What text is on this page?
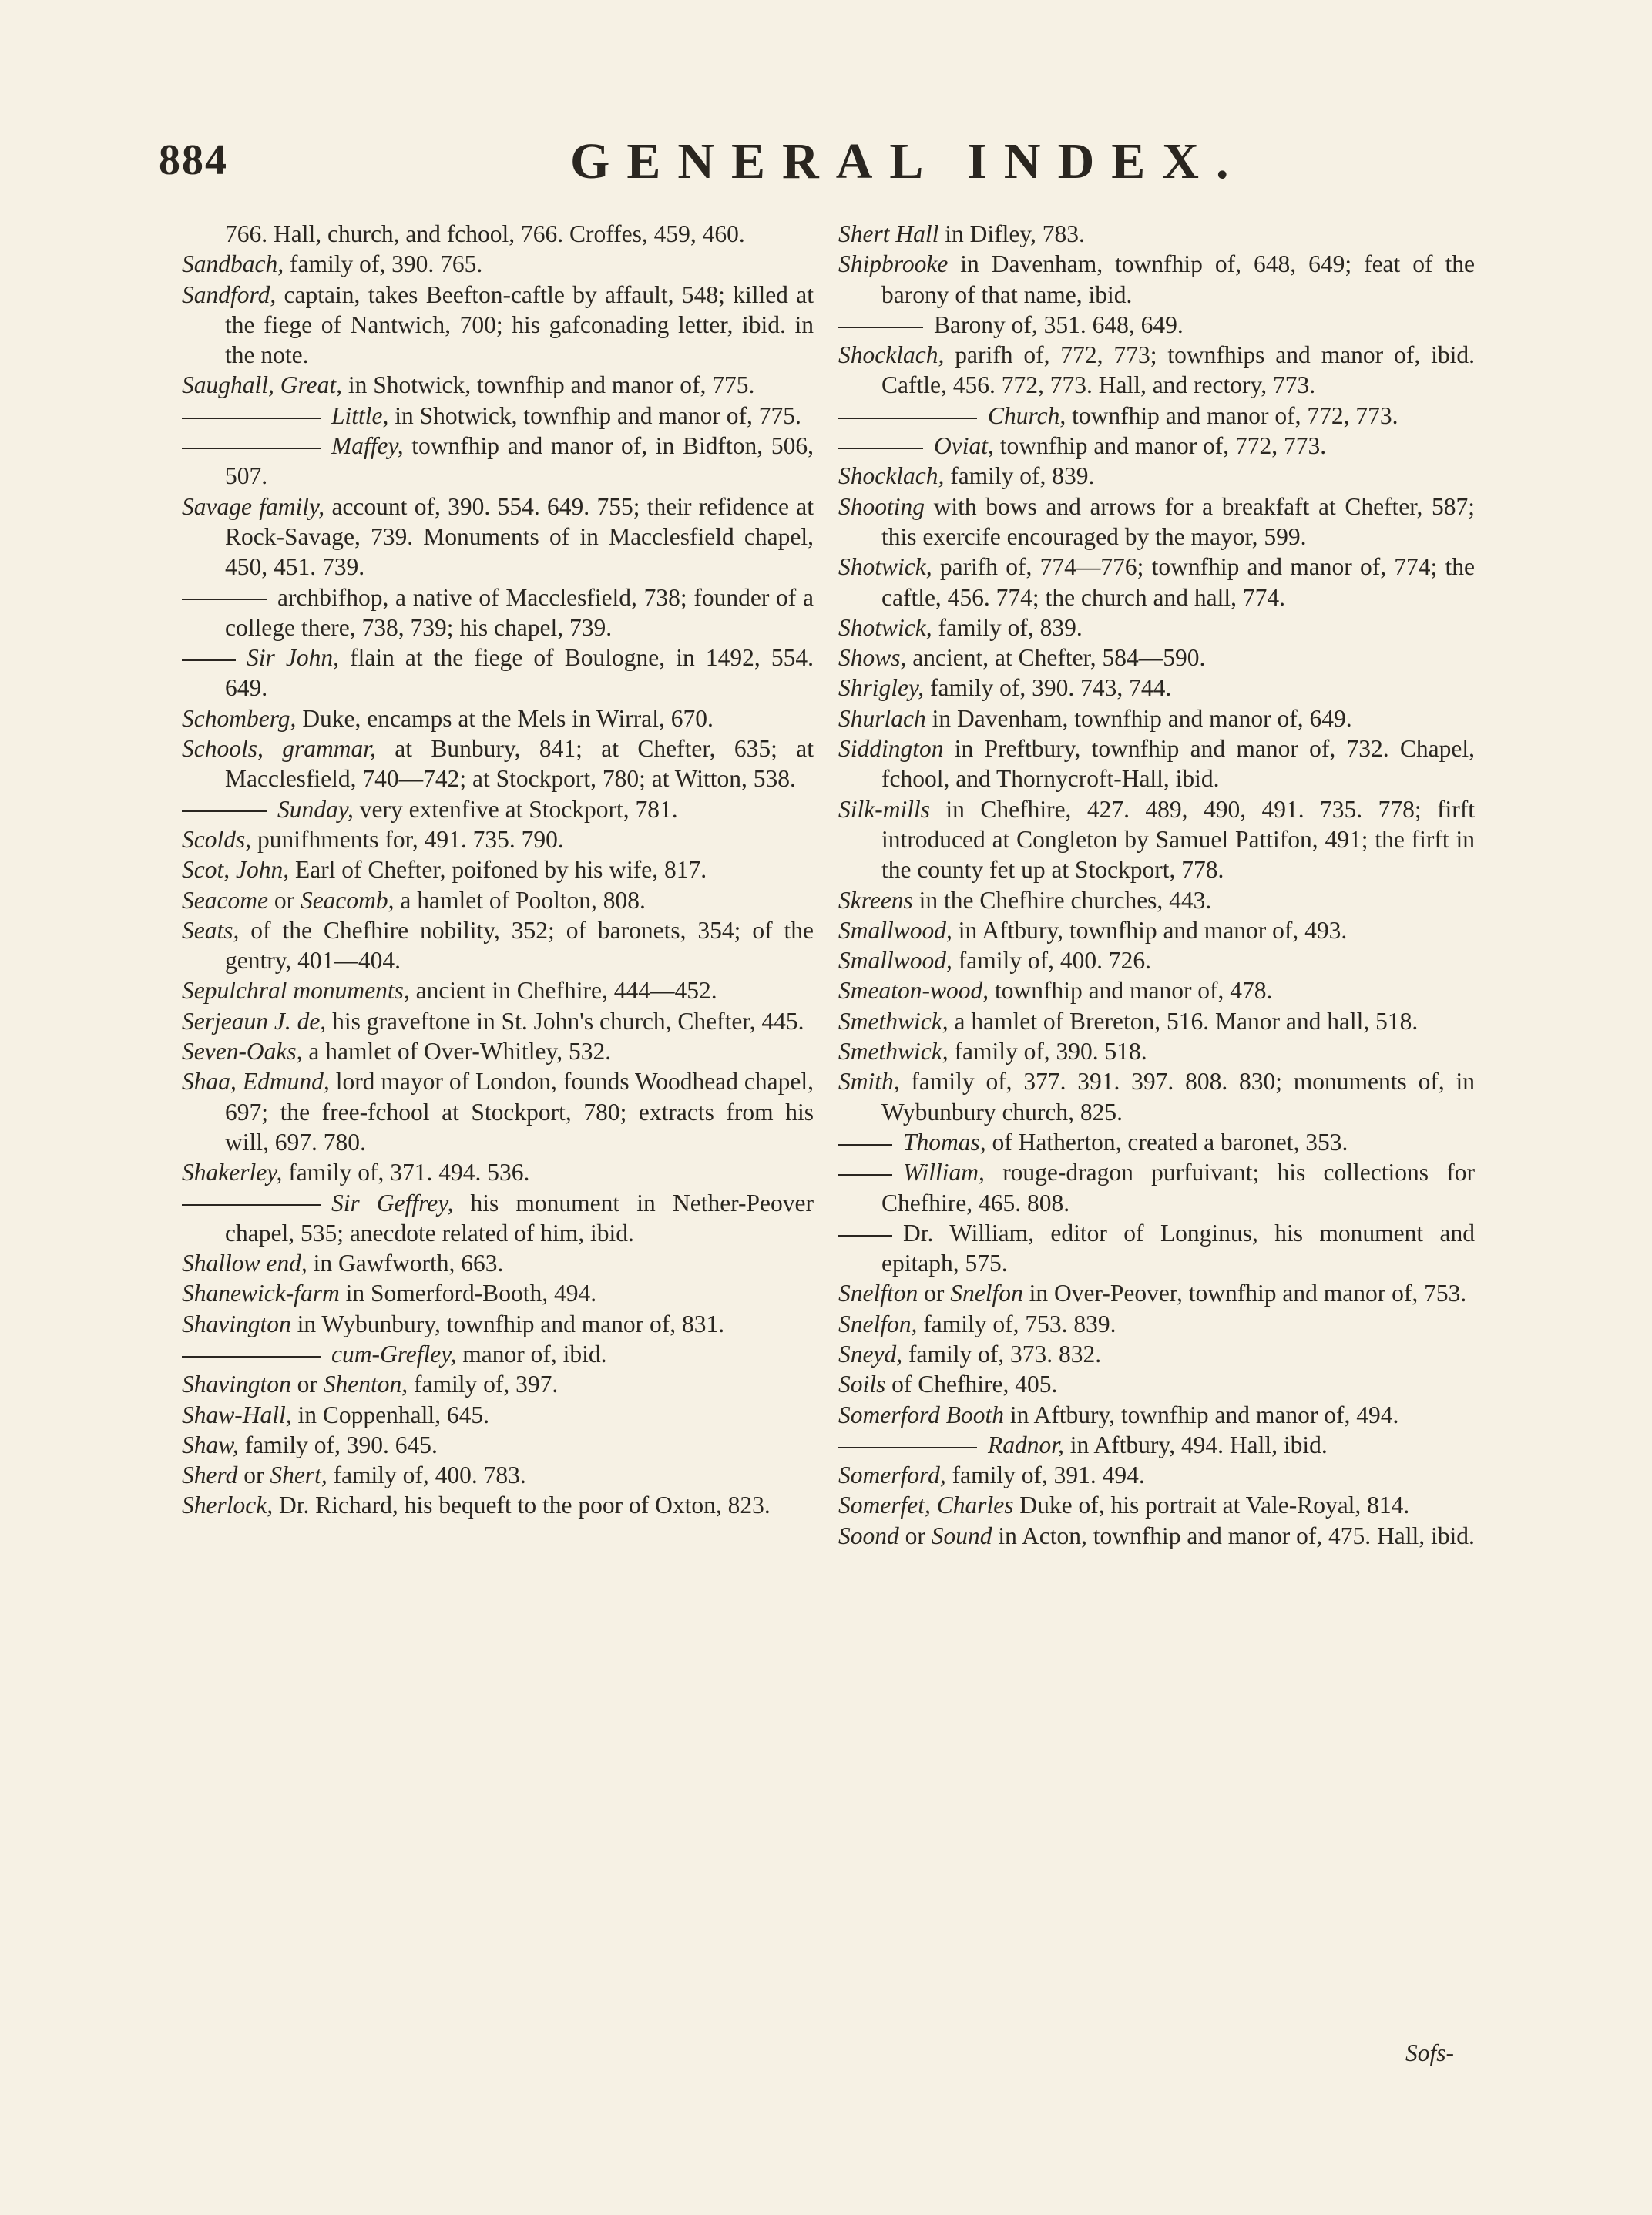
884	GENERAL INDEX.

766. Hall, church, and fchool, 766. Croffes, 459, 460.

Sandbach, family of, 390. 765.

Sandford, captain, takes Beefton-caftle by affault, 548; killed at the fiege of Nantwich, 700; his gafconading letter, ibid. in the note.

Saughall, Great, in Shotwick, townfhip and manor of, 775.

Little, in Shotwick, townfhip and manor of, 775.

Maffey, townfhip and manor of, in Bidfton, 506, 507.

Savage family, account of, 390. 554. 649. 755; their refidence at Rock-Savage, 739. Monuments of in Macclesfield chapel, 450, 451. 739.

archbifhop, a native of Macclesfield, 738; founder of a college there, 738, 739; his chapel, 739.

Sir John, flain at the fiege of Boulogne, in 1492, 554. 649.

Schomberg, Duke, encamps at the Mels in Wirral, 670.

Schools, grammar, at Bunbury, 841; at Chefter, 635; at Macclesfield, 740—742; at Stockport, 780; at Witton, 538.

Sunday, very extenfive at Stockport, 781.

Scolds, punifhments for, 491. 735. 790.

Scot, John, Earl of Chefter, poifoned by his wife, 817.

Seacome or Seacomb, a hamlet of Poolton, 808.

Seats, of the Chefhire nobility, 352; of baronets, 354; of the gentry, 401—404.

Sepulchral monuments, ancient in Chefhire, 444—452.

Serjeaun J. de, his graveftone in St. John's church, Chefter, 445.

Seven-Oaks, a hamlet of Over-Whitley, 532.

Shaa, Edmund, lord mayor of London, founds Woodhead chapel, 697; the free-fchool at Stockport, 780; extracts from his will, 697. 780.

Shakerley, family of, 371. 494. 536.

Sir Geffrey, his monument in Nether-Peover chapel, 535; anecdote related of him, ibid.

Shallow end, in Gawfworth, 663.

Shanewick-farm in Somerford-Booth, 494.

Shavington in Wybunbury, townfhip and manor of, 831.

cum-Grefley, manor of, ibid.

Shavington or Shenton, family of, 397.

Shaw-Hall, in Coppenhall, 645.

Shaw, family of, 390. 645.

Sherd or Shert, family of, 400. 783.

Sherlock, Dr. Richard, his bequeft to the poor of Oxton, 823.

Shert Hall in Difley, 783.

Shipbrooke in Davenham, townfhip of, 648, 649; feat of the barony of that name, ibid.

Barony of, 351. 648, 649.

Shocklach, parifh of, 772, 773; townfhips and manor of, ibid. Caftle, 456. 772, 773. Hall, and rectory, 773.

Church, townfhip and manor of, 772, 773.

Oviat, townfhip and manor of, 772, 773.

Shocklach, family of, 839.

Shooting with bows and arrows for a breakfaft at Chefter, 587; this exercife encouraged by the mayor, 599.

Shotwick, parifh of, 774—776; townfhip and manor of, 774; the caftle, 456. 774; the church and hall, 774.

Shotwick, family of, 839.

Shows, ancient, at Chefter, 584—590.

Shrigley, family of, 390. 743, 744.

Shurlach in Davenham, townfhip and manor of, 649.

Siddington in Preftbury, townfhip and manor of, 732. Chapel, fchool, and Thornycroft-Hall, ibid.

Silk-mills in Chefhire, 427. 489, 490, 491. 735. 778; firft introduced at Congleton by Samuel Pattifon, 491; the firft in the county fet up at Stockport, 778.

Skreens in the Chefhire churches, 443.

Smallwood, in Aftbury, townfhip and manor of, 493.

Smallwood, family of, 400. 726.

Smeaton-wood, townfhip and manor of, 478.

Smethwick, a hamlet of Brereton, 516. Manor and hall, 518.

Smethwick, family of, 390. 518.

Smith, family of, 377. 391. 397. 808. 830; monuments of, in Wybunbury church, 825.

Thomas, of Hatherton, created a baronet, 353.

William, rouge-dragon purfuivant; his collections for Chefhire, 465. 808.

Dr. William, editor of Longinus, his monument and epitaph, 575.

Snelfton or Snelfon in Over-Peover, townfhip and manor of, 753.

Snelfon, family of, 753. 839.

Sneyd, family of, 373. 832.

Soils of Chefhire, 405.

Somerford Booth in Aftbury, townfhip and manor of, 494.

Radnor, in Aftbury, 494. Hall, ibid.

Somerford, family of, 391. 494.

Somerfet, Charles Duke of, his portrait at Vale-Royal, 814.

Soond or Sound in Acton, townfhip and manor of, 475. Hall, ibid.

Sofs-
